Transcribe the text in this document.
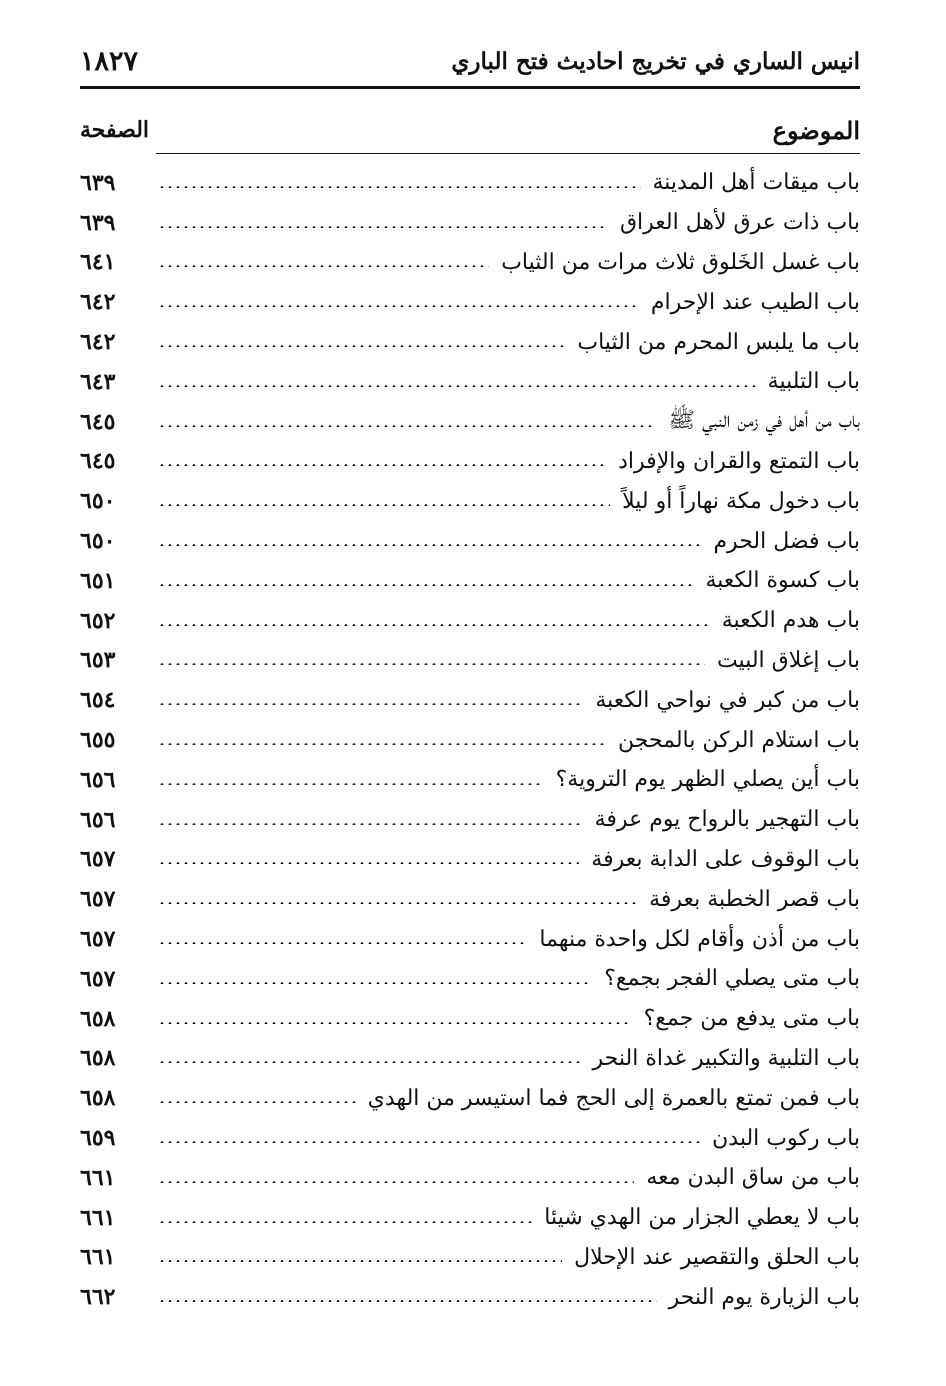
١٨٢٧	انيس الساري في تخريج احاديث فتح الباري
الصفحة	الموضوع
٦٣٩	باب ميقات أهل المدينة
٦٣٩	باب ذات عرق لأهل العراق
٦٤١	باب غسل الخَلوق ثلاث مرات من الثياب
٦٤٢	باب الطيب عند الإحرام
٦٤٢	باب ما يلبس المحرم من الثياب
٦٤٣	باب التلبية
٦٤٥	باب من أهل في زمن النبي ﷺ
٦٤٥	باب التمتع والقران والإفراد
٦٥٠	باب دخول مكة نهاراً أو ليلاً
٦٥٠	باب فضل الحرم
٦٥١	باب كسوة الكعبة
٦٥٢	باب هدم الكعبة
٦٥٣	باب إغلاق البيت
٦٥٤	باب من كبر في نواحي الكعبة
٦٥٥	باب استلام الركن بالمحجن
٦٥٦	باب أين يصلي الظهر يوم التروية؟
٦٥٦	باب التهجير بالرواح يوم عرفة
٦٥٧	باب الوقوف على الدابة بعرفة
٦٥٧	باب قصر الخطبة بعرفة
٦٥٧	باب من أذن وأقام لكل واحدة منهما
٦٥٧	باب متى يصلي الفجر بجمع؟
٦٥٨	باب متى يدفع من جمع؟
٦٥٨	باب التلبية والتكبير غداة النحر
٦٥٨	باب فمن تمتع بالعمرة إلى الحج فما استيسر من الهدي
٦٥٩	باب ركوب البدن
٦٦١	باب من ساق البدن معه
٦٦١	باب لا يعطي الجزار من الهدي شيئا
٦٦١	باب الحلق والتقصير عند الإحلال
٦٦٢	باب الزيارة يوم النحر
